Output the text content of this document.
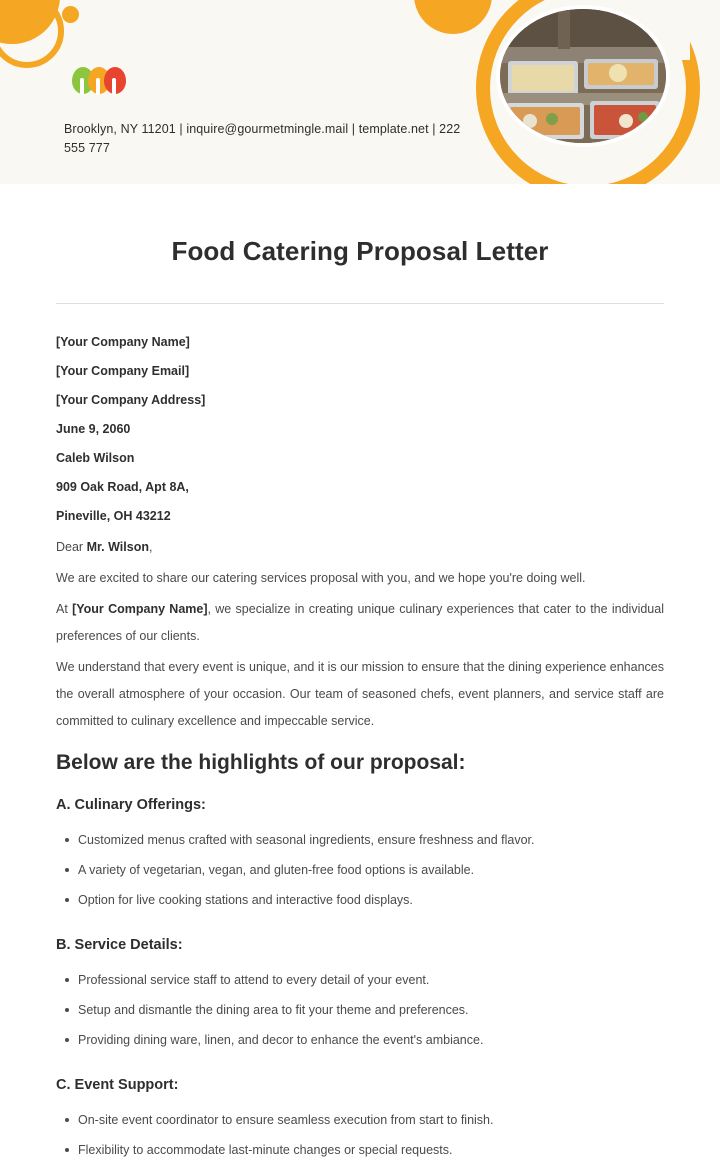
Brooklyn, NY 11201 | inquire@gourmetmingle.mail | template.net | 222 555 777
Food Catering Proposal Letter

[Your Company Name]

[Your Company Email]

[Your Company Address]

June 9, 2060

Caleb Wilson

909 Oak Road, Apt 8A,

Pineville, OH 43212

Dear Mr. Wilson,

We are excited to share our catering services proposal with you, and we hope you're doing well.

At [Your Company Name], we specialize in creating unique culinary experiences that cater to the individual preferences of our clients.

We understand that every event is unique, and it is our mission to ensure that the dining experience enhances the overall atmosphere of your occasion. Our team of seasoned chefs, event planners, and service staff are committed to culinary excellence and impeccable service.

Below are the highlights of our proposal:
A. Culinary Offerings:
Customized menus crafted with seasonal ingredients, ensure freshness and flavor.
A variety of vegetarian, vegan, and gluten-free food options is available.
Option for live cooking stations and interactive food displays.
B. Service Details:
Professional service staff to attend to every detail of your event.
Setup and dismantle the dining area to fit your theme and preferences.
Providing dining ware, linen, and decor to enhance the event's ambiance.
C. Event Support:
On-site event coordinator to ensure seamless execution from start to finish.
Flexibility to accommodate last-minute changes or special requests.
